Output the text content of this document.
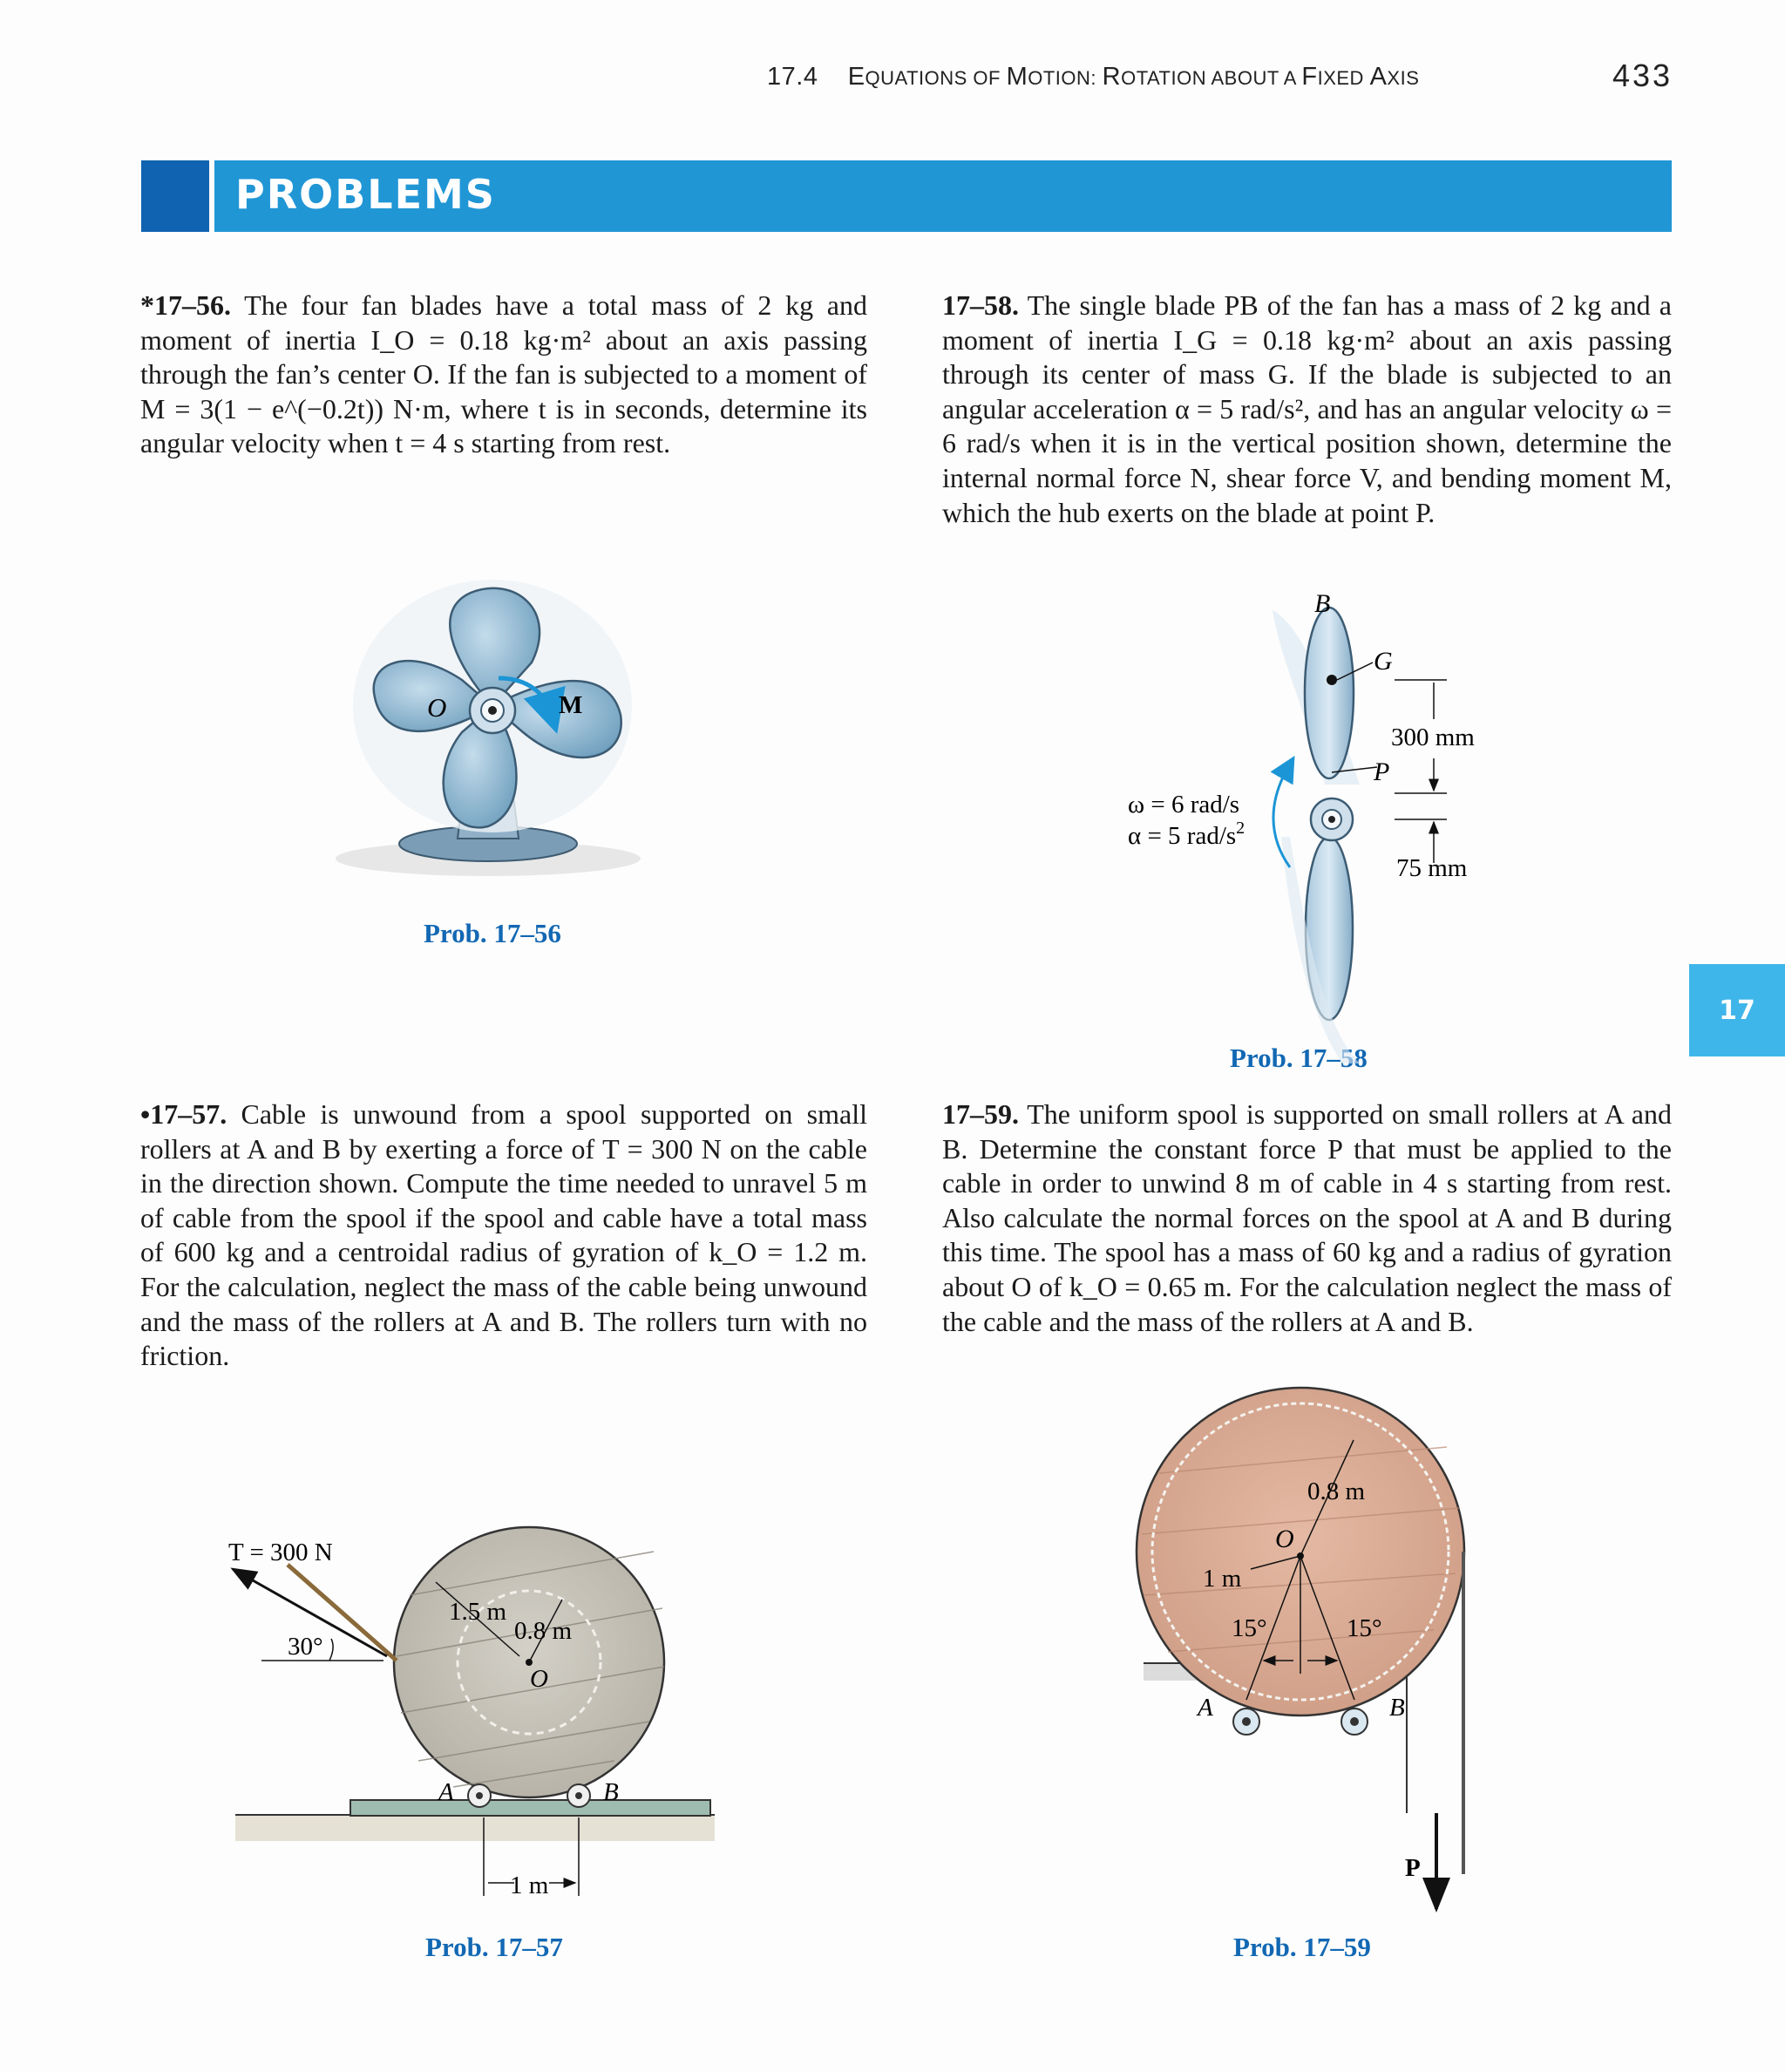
17.4 EQUATIONS OF MOTION: ROTATION ABOUT A FIXED AXIS	433
PROBLEMS
17
*17–56. The four fan blades have a total mass of 2 kg and moment of inertia I_O = 0.18 kg·m² about an axis passing through the fan’s center O. If the fan is subjected to a moment of M = 3(1 − e^(−0.2t)) N·m, where t is in seconds, determine its angular velocity when t = 4 s starting from rest.
17–58. The single blade PB of the fan has a mass of 2 kg and a moment of inertia I_G = 0.18 kg·m² about an axis passing through its center of mass G. If the blade is subjected to an angular acceleration α = 5 rad/s², and has an angular velocity ω = 6 rad/s when it is in the vertical position shown, determine the internal normal force N, shear force V, and bending moment M, which the hub exerts on the blade at point P.
•17–57. Cable is unwound from a spool supported on small rollers at A and B by exerting a force of T = 300 N on the cable in the direction shown. Compute the time needed to unravel 5 m of cable from the spool if the spool and cable have a total mass of 600 kg and a centroidal radius of gyration of k_O = 1.2 m. For the calculation, neglect the mass of the cable being unwound and the mass of the rollers at A and B. The rollers turn with no friction.
17–59. The uniform spool is supported on small rollers at A and B. Determine the constant force P that must be applied to the cable in order to unwind 8 m of cable in 4 s starting from rest. Also calculate the normal forces on the spool at A and B during this time. The spool has a mass of 60 kg and a radius of gyration about O of k_O = 0.65 m. For the calculation neglect the mass of the cable and the mass of the rollers at A and B.
Prob. 17–56
Prob. 17–58
Prob. 17–57	Prob. 17–59
O	M
B
G
P
300 mm
75 mm
ω = 6 rad/s
α = 5 rad/$s^2$
T = 300 N
30°
1.5 m
0.8 m
O
A	B
1 m
0.8 m
O
1 m
15°	15°
A	B
P
